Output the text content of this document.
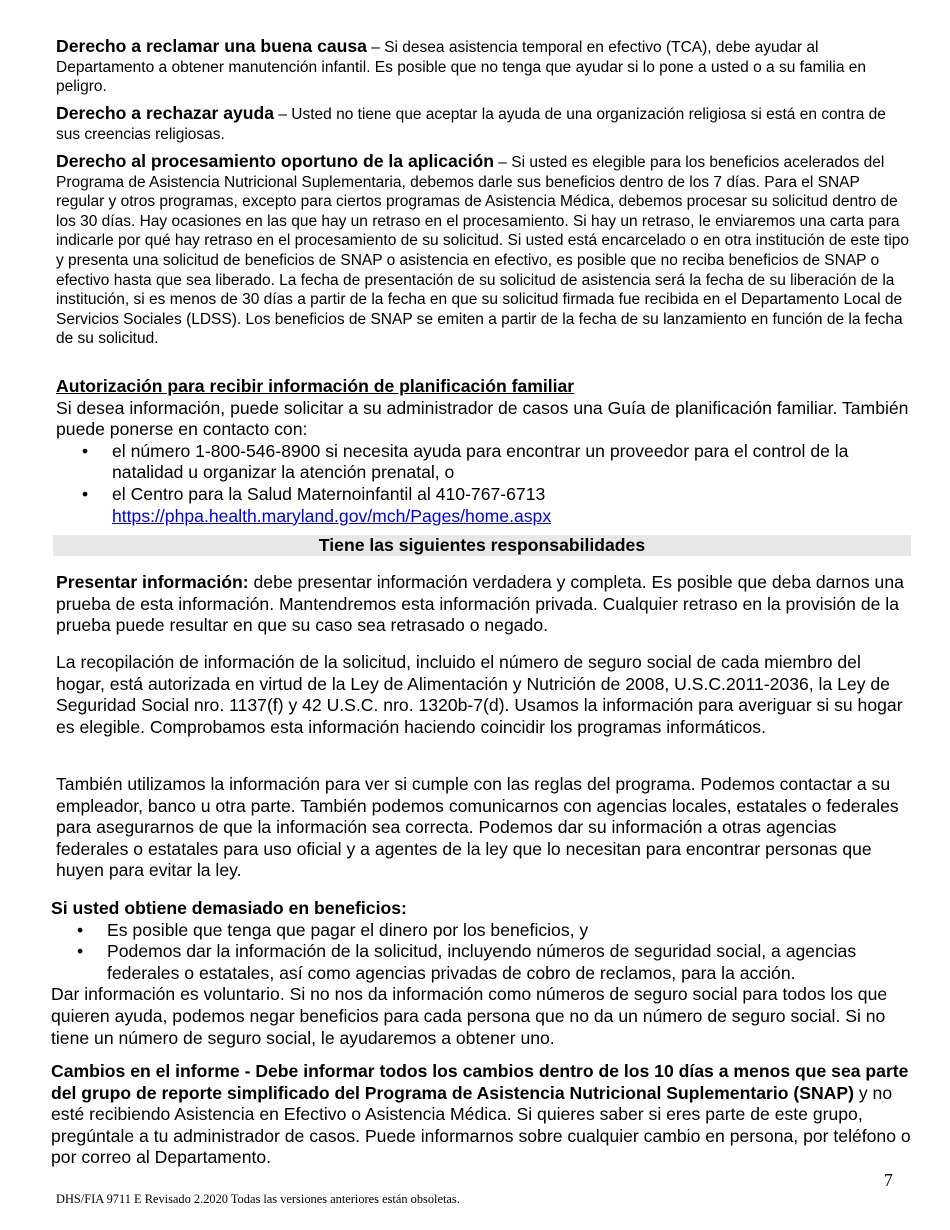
Derecho a reclamar una buena causa – Si desea asistencia temporal en efectivo (TCA), debe ayudar al Departamento a obtener manutención infantil. Es posible que no tenga que ayudar si lo pone a usted o a su familia en peligro.

Derecho a rechazar ayuda – Usted no tiene que aceptar la ayuda de una organización religiosa si está en contra de sus creencias religiosas.

Derecho al procesamiento oportuno de la aplicación – Si usted es elegible para los beneficios acelerados del Programa de Asistencia Nutricional Suplementaria, debemos darle sus beneficios dentro de los 7 días. Para el SNAP regular y otros programas, excepto para ciertos programas de Asistencia Médica, debemos procesar su solicitud dentro de los 30 días. Hay ocasiones en las que hay un retraso en el procesamiento. Si hay un retraso, le enviaremos una carta para indicarle por qué hay retraso en el procesamiento de su solicitud. Si usted está encarcelado o en otra institución de este tipo y presenta una solicitud de beneficios de SNAP o asistencia en efectivo, es posible que no reciba beneficios de SNAP o efectivo hasta que sea liberado. La fecha de presentación de su solicitud de asistencia será la fecha de su liberación de la institución, si es menos de 30 días a partir de la fecha en que su solicitud firmada fue recibida en el Departamento Local de Servicios Sociales (LDSS). Los beneficios de SNAP se emiten a partir de la fecha de su lanzamiento en función de la fecha de su solicitud.

Autorización para recibir información de planificación familiar

Si desea información, puede solicitar a su administrador de casos una Guía de planificación familiar. También puede ponerse en contacto con:

• el número 1-800-546-8900 si necesita ayuda para encontrar un proveedor para el control de la natalidad u organizar la atención prenatal, o
• el Centro para la Salud Maternoinfantil al 410-767-6713
https://phpa.health.maryland.gov/mch/Pages/home.aspx
Tiene las siguientes responsabilidades

Presentar información: debe presentar información verdadera y completa. Es posible que deba darnos una prueba de esta información. Mantendremos esta información privada. Cualquier retraso en la provisión de la prueba puede resultar en que su caso sea retrasado o negado.

La recopilación de información de la solicitud, incluido el número de seguro social de cada miembro del hogar, está autorizada en virtud de la Ley de Alimentación y Nutrición de 2008, U.S.C.2011-2036, la Ley de Seguridad Social nro. 1137(f) y 42 U.S.C. nro. 1320b-7(d). Usamos la información para averiguar si su hogar es elegible. Comprobamos esta información haciendo coincidir los programas informáticos.

También utilizamos la información para ver si cumple con las reglas del programa. Podemos contactar a su empleador, banco u otra parte. También podemos comunicarnos con agencias locales, estatales o federales para asegurarnos de que la información sea correcta. Podemos dar su información a otras agencias federales o estatales para uso oficial y a agentes de la ley que lo necesitan para encontrar personas que huyen para evitar la ley.

Si usted obtiene demasiado en beneficios:

• Es posible que tenga que pagar el dinero por los beneficios, y
• Podemos dar la información de la solicitud, incluyendo números de seguridad social, a agencias federales o estatales, así como agencias privadas de cobro de reclamos, para la acción.

Dar información es voluntario. Si no nos da información como números de seguro social para todos los que quieren ayuda, podemos negar beneficios para cada persona que no da un número de seguro social. Si no tiene un número de seguro social, le ayudaremos a obtener uno.

Cambios en el informe - Debe informar todos los cambios dentro de los 10 días a menos que sea parte del grupo de reporte simplificado del Programa de Asistencia Nutricional Suplementario (SNAP) y no esté recibiendo Asistencia en Efectivo o Asistencia Médica. Si quieres saber si eres parte de este grupo, pregúntale a tu administrador de casos. Puede informarnos sobre cualquier cambio en persona, por teléfono o por correo al Departamento.

7
DHS/FIA 9711 E Revisado 2.2020 Todas las versiones anteriores están obsoletas.
